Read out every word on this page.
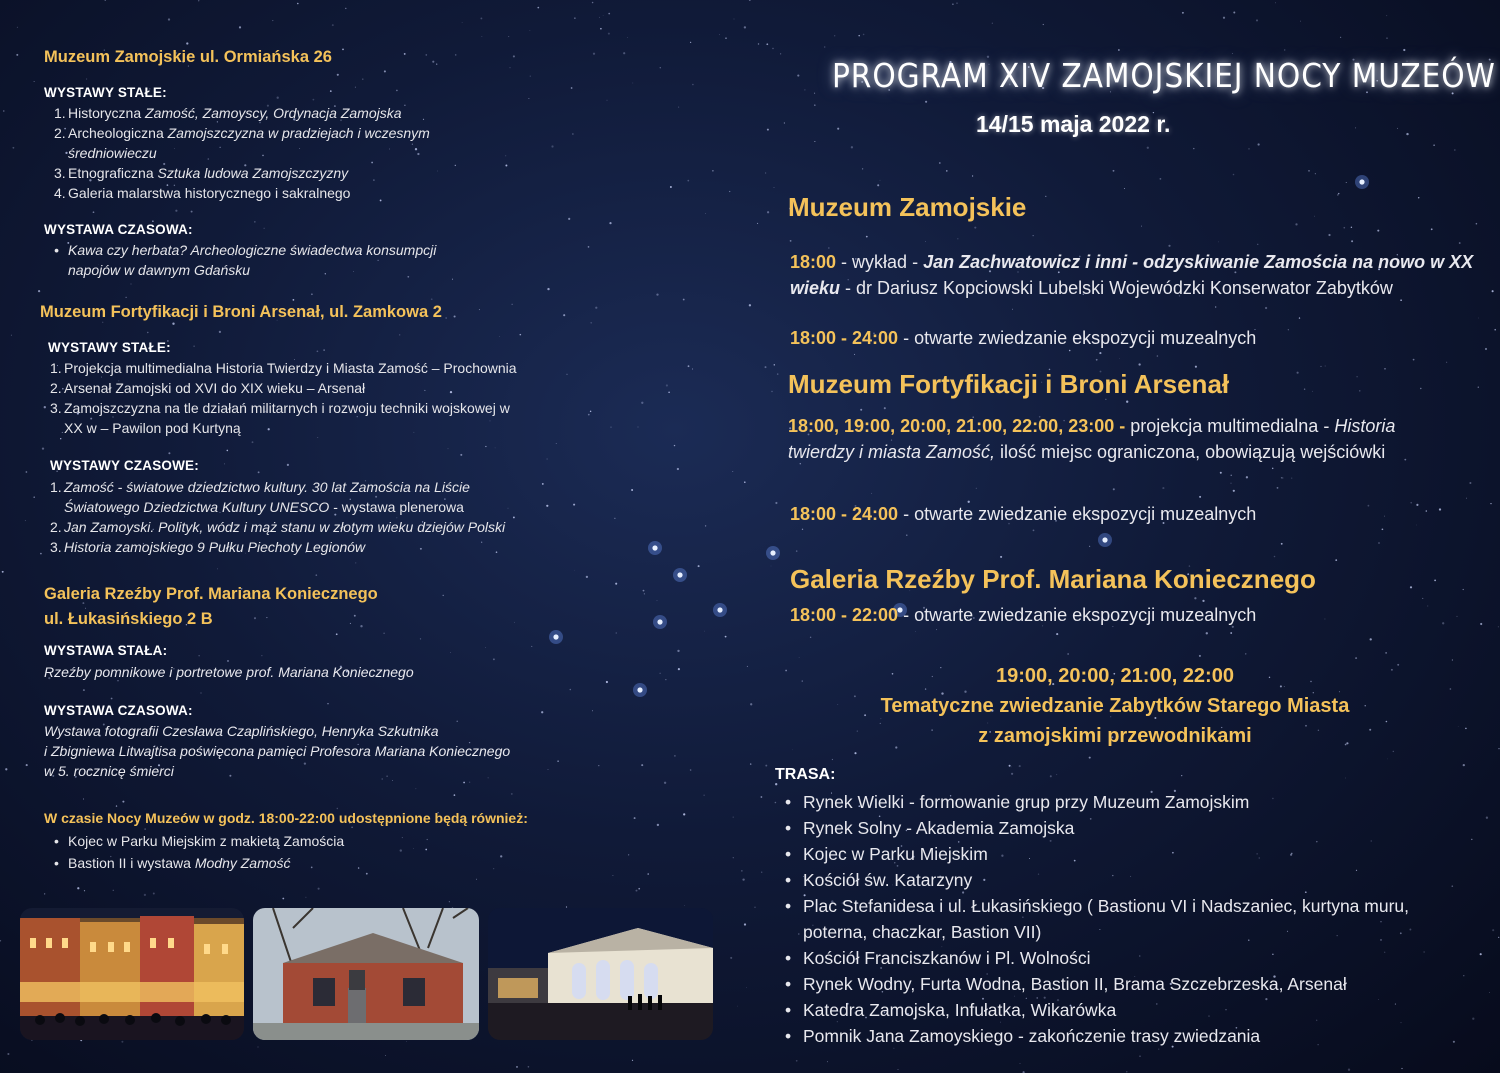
Muzeum Zamojskie ul. Ormiańska 26
WYSTAWY STAŁE:
1. Historyczna Zamość, Zamoyscy, Ordynacja Zamojska
2. Archeologiczna Zamojszczyzna w pradziejach i wczesnym
średniowieczu
3. Etnograficzna Sztuka ludowa Zamojszczyzny
4. Galeria malarstwa historycznego i sakralnego
WYSTAWA CZASOWA:
• Kawa czy herbata? Archeologiczne świadectwa konsumpcji
napojów w dawnym Gdańsku
Muzeum Fortyfikacji i Broni Arsenał, ul. Zamkowa 2
WYSTAWY STAŁE:
1. Projekcja multimedialna Historia Twierdzy i Miasta Zamość – Prochownia
2. Arsenał Zamojski od XVI do XIX wieku – Arsenał
3. Zamojszczyzna na tle działań militarnych i rozwoju techniki wojskowej w
XX w – Pawilon pod Kurtyną
WYSTAWY CZASOWE:
1. Zamość - światowe dziedzictwo kultury. 30 lat Zamościa na Liście
Światowego Dziedzictwa Kultury UNESCO - wystawa plenerowa
2. Jan Zamoyski. Polityk, wódz i mąż stanu w złotym wieku dziejów Polski
3. Historia zamojskiego 9 Pułku Piechoty Legionów
Galeria Rzeźby Prof. Mariana Koniecznego
ul. Łukasińskiego 2 B
WYSTAWA STAŁA:
Rzeźby pomnikowe i portretowe prof. Mariana Koniecznego
WYSTAWA CZASOWA:
Wystawa fotografii Czesława Czaplińskiego, Henryka Szkutnika
i Zbigniewa Litwajtisa poświęcona pamięci Profesora Mariana Koniecznego
w 5. rocznicę śmierci
W czasie Nocy Muzeów w godz. 18:00-22:00 udostępnione będą również:
• Kojec w Parku Miejskim z makietą Zamościa
• Bastion II i wystawa Modny Zamość
PROGRAM XIV ZAMOJSKIEJ NOCY MUZEÓW
14/15 maja 2022 r.
Muzeum Zamojskie
18:00 - wykład - Jan Zachwatowicz i inni - odzyskiwanie Zamościa na nowo w XX wieku - dr Dariusz Kopciowski Lubelski Wojewódzki Konserwator Zabytków
18:00 - 24:00 - otwarte zwiedzanie ekspozycji muzealnych
Muzeum Fortyfikacji i Broni Arsenał
18:00, 19:00, 20:00, 21:00, 22:00, 23:00 - projekcja multimedialna - Historia twierdzy i miasta Zamość, ilość miejsc ograniczona, obowiązują wejściówki
18:00 - 24:00 - otwarte zwiedzanie ekspozycji muzealnych
Galeria Rzeźby Prof. Mariana Koniecznego
18:00 - 22:00 - otwarte zwiedzanie ekspozycji muzealnych
19:00, 20:00, 21:00, 22:00
Tematyczne zwiedzanie Zabytków Starego Miasta
z zamojskimi przewodnikami
TRASA:
• Rynek Wielki - formowanie grup przy Muzeum Zamojskim
• Rynek Solny - Akademia Zamojska
• Kojec w Parku Miejskim
• Kościół św. Katarzyny
• Plac Stefanidesa i ul. Łukasińskiego ( Bastionu VI i Nadszaniec, kurtyna muru,
poterna, chaczkar, Bastion VII)
• Kościół Franciszkanów i Pl. Wolności
• Rynek Wodny, Furta Wodna, Bastion II, Brama Szczebrzeska, Arsenał
• Katedra Zamojska, Infułatka, Wikarówka
• Pomnik Jana Zamoyskiego - zakończenie trasy zwiedzania
